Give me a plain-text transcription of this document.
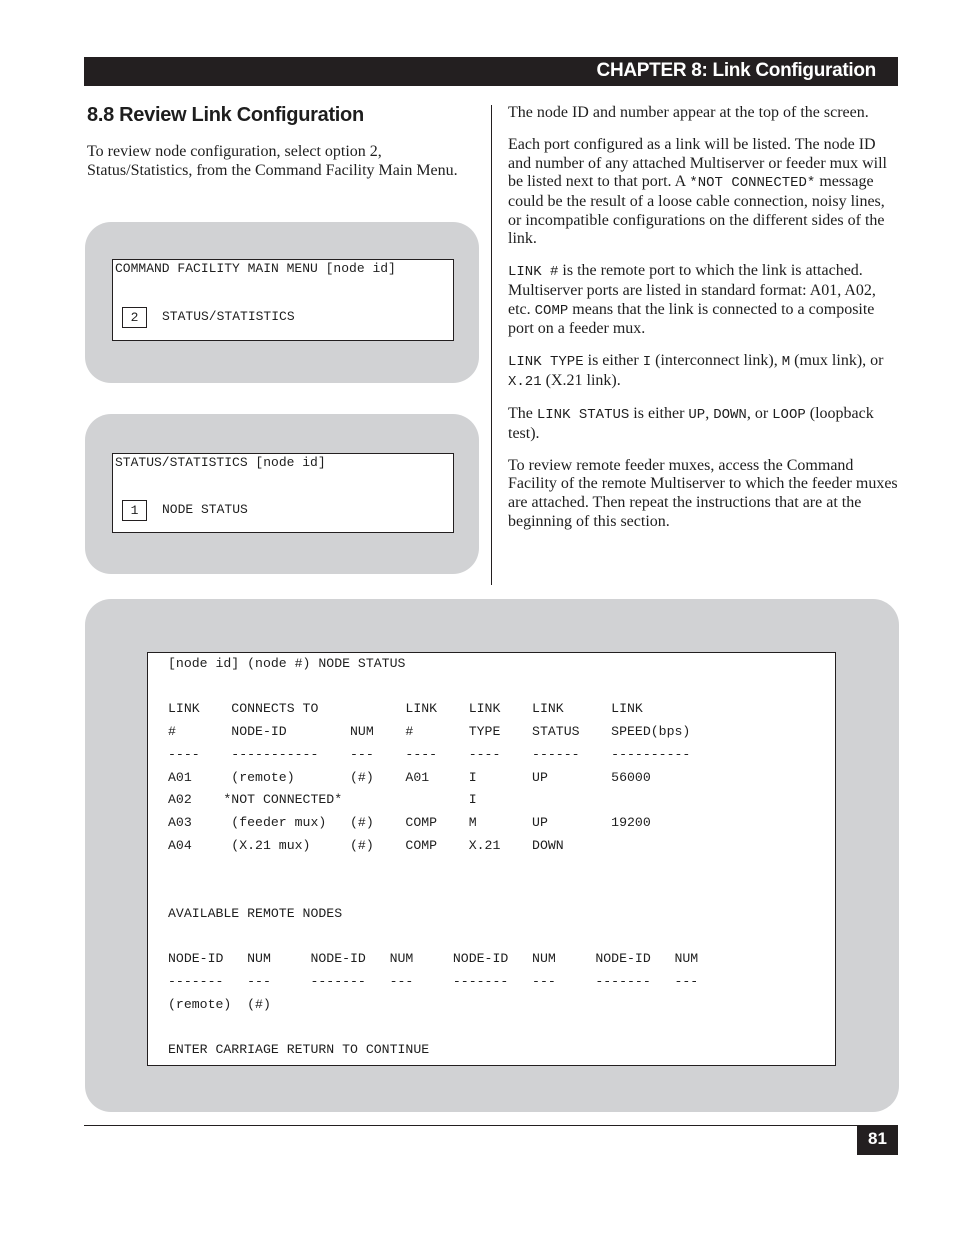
CHAPTER 8: Link Configuration
8.8 Review Link Configuration
To review node configuration, select option 2, Status/Statistics, from the Command Facility Main Menu.

COMMAND FACILITY MAIN MENU [node id]

2

	STATUS/STATISTICS

STATUS/STATISTICS [node id]

1

	NODE STATUS

The node ID and number appear at the top of the screen.

Each port configured as a link will be listed. The node ID and number of any attached Multiserver or feeder mux will be listed next to that port. A *NOT CONNECTED* message could be the result of a loose cable connection, noisy lines, or incompatible configurations on the different sides of the link.

LINK # is the remote port to which the link is attached. Multiserver ports are listed in standard format: A01, A02, etc. COMP means that the link is connected to a composite port on a feeder mux.

LINK TYPE is either I (interconnect link), M (mux link), or X.21 (X.21 link).

The LINK STATUS is either UP, DOWN, or LOOP (loopback test).

To review remote feeder muxes, access the Command Facility of the remote Multiserver to which the feeder muxes are attached. Then repeat the instructions that are at the beginning of this section.

[node id] (node #) NODE STATUS
LINK    CONNECTS TO           LINK    LINK    LINK      LINK
#       NODE-ID        NUM    #       TYPE    STATUS    SPEED(bps)
----    -----------    ---    ----    ----    ------    ----------
A01     (remote)       (#)    A01     I       UP        56000
A02    *NOT CONNECTED*                I
A03     (feeder mux)   (#)    COMP    M       UP        19200
A04     (X.21 mux)     (#)    COMP    X.21    DOWN
AVAILABLE REMOTE NODES
NODE-ID   NUM     NODE-ID   NUM     NODE-ID   NUM     NODE-ID   NUM
-------   ---     -------   ---     -------   ---     -------   ---
(remote)  (#)
ENTER CARRIAGE RETURN TO CONTINUE
81
